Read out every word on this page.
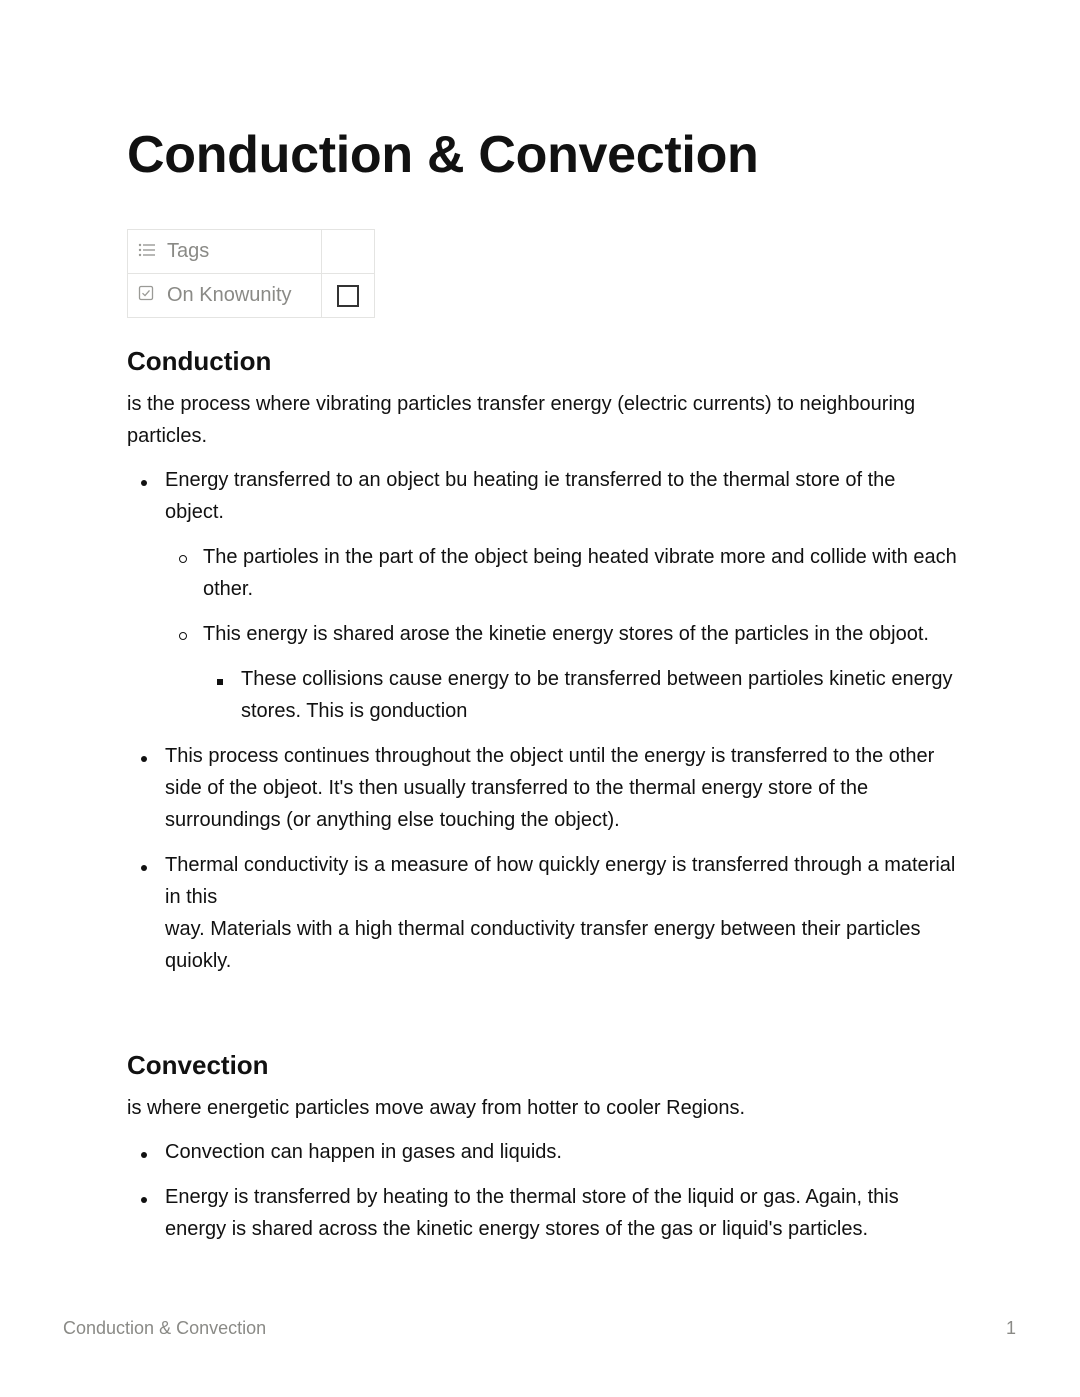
Conduction & Convection
Tags	
On Knowunity	
Conduction

is the process where vibrating particles transfer energy (electric currents) to neighbouring particles.

Energy transferred to an object bu heating ie transferred to the thermal store of the object.
The partioles in the part of the object being heated vibrate more and collide with each other.
This energy is shared arose the kinetie energy stores of the particles in the objoot.
These collisions cause energy to be transferred between partioles kinetic energy stores. This is gonduction
This process continues throughout the object until the energy is transferred to the other side of the objeot. It's then usually transferred to the thermal energy store of the surroundings (or anything else touching the object).
Thermal conductivity is a measure of how quickly energy is transferred through a material in this
way. Materials with a high thermal conductivity transfer energy between their particles quiokly.
Convection

is where energetic particles move away from hotter to cooler Regions.

Convection can happen in gases and liquids.
Energy is transferred by heating to the thermal store of the liquid or gas. Again, this energy is shared across the kinetic energy stores of the gas or liquid's particles.
Conduction & Convection	1
